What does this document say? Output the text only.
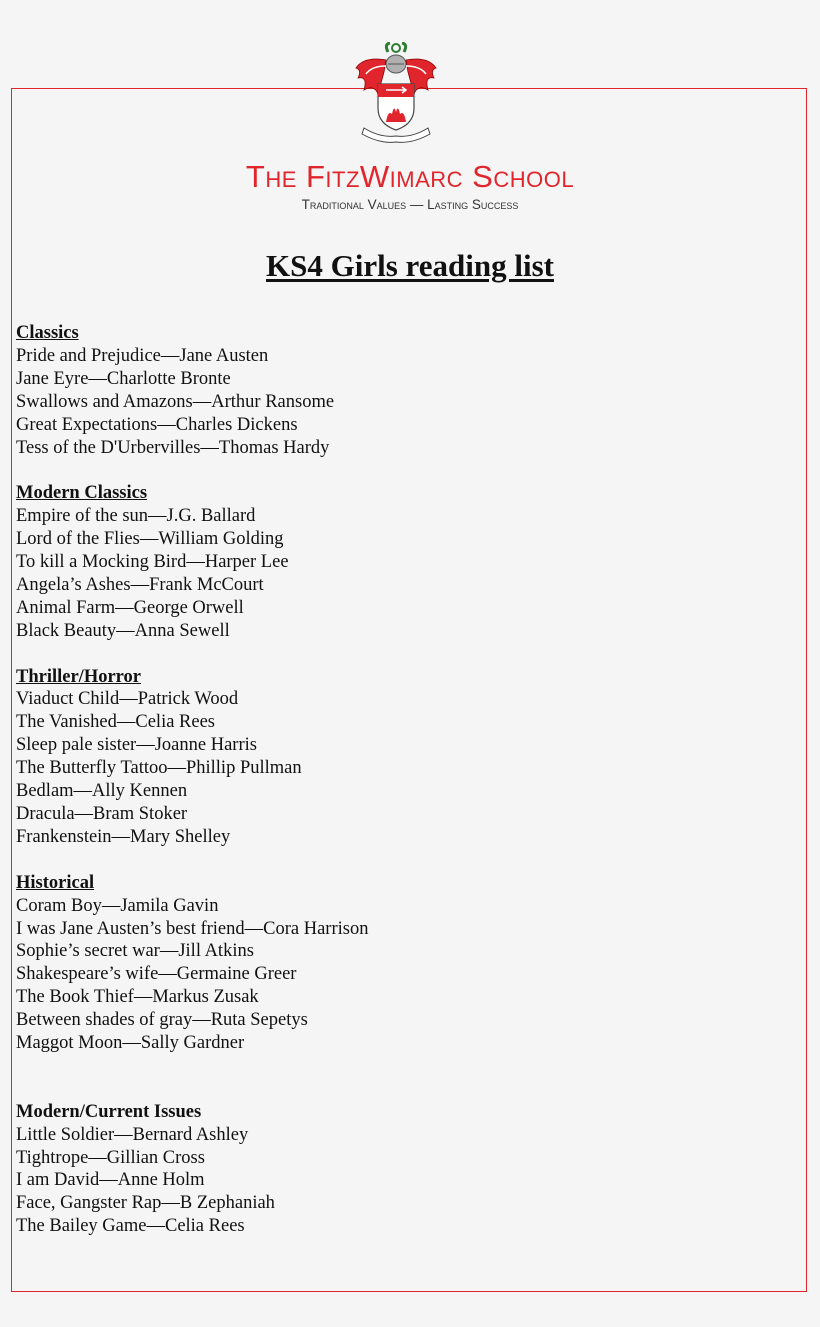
The FitzWimarc School
Traditional Values — Lasting Success
KS4 Girls reading list
Classics
Pride and Prejudice—Jane Austen
Jane Eyre—Charlotte Bronte
Swallows and Amazons—Arthur Ransome
Great Expectations—Charles Dickens
Tess of the D'Urbervilles—Thomas Hardy
Modern Classics
Empire of the sun—J.G. Ballard
Lord of the Flies—William Golding
To kill a Mocking Bird—Harper Lee
Angela’s Ashes—Frank McCourt
Animal Farm—George Orwell
Black Beauty—Anna Sewell
Thriller/Horror
Viaduct Child—Patrick Wood
The Vanished—Celia Rees
Sleep pale sister—Joanne Harris
The Butterfly Tattoo—Phillip Pullman
Bedlam—Ally Kennen
Dracula—Bram Stoker
Frankenstein—Mary Shelley
Historical
Coram Boy—Jamila Gavin
I was Jane Austen’s best friend—Cora Harrison
Sophie’s secret war—Jill Atkins
Shakespeare’s wife—Germaine Greer
The Book Thief—Markus Zusak
Between shades of gray—Ruta Sepetys
Maggot Moon—Sally Gardner
Modern/Current Issues
Little Soldier—Bernard Ashley
Tightrope—Gillian Cross
I am David—Anne Holm
Face, Gangster Rap—B Zephaniah
The Bailey Game—Celia Rees
